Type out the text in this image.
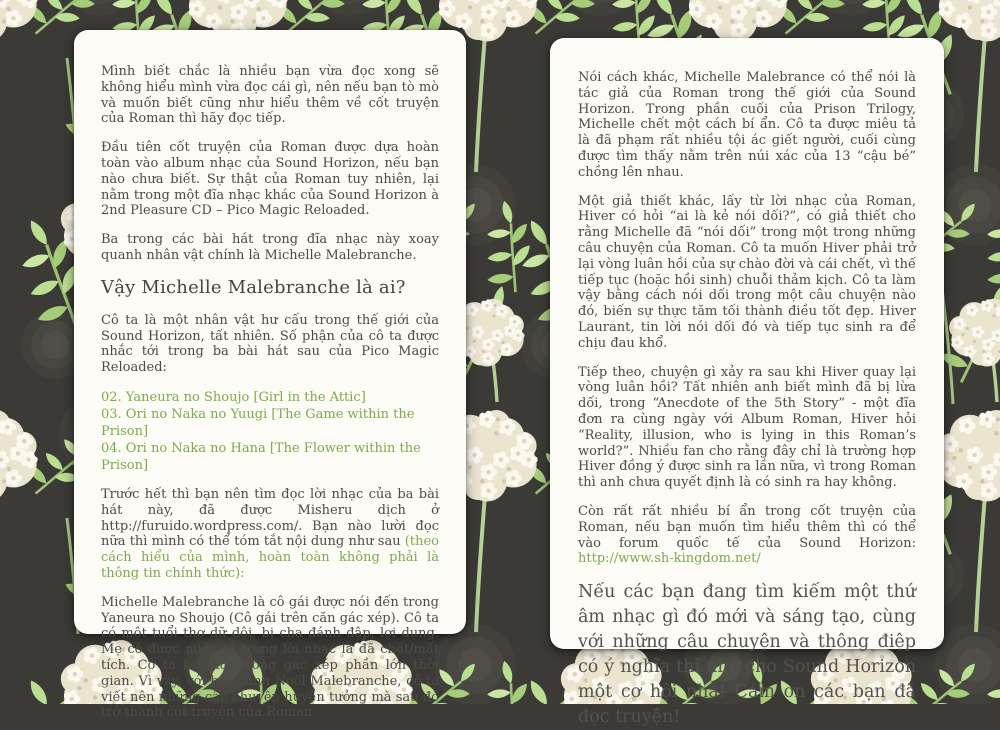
Mình biết chắc là nhiều bạn vừa đọc xong sẽ không hiểu mình vừa đọc cái gì, nên nếu bạn tò mò và muốn biết cũng như hiểu thêm về cốt truyện của Roman thì hãy đọc tiếp.

Đầu tiên cốt truyện của Roman được dựa hoàn toàn vào album nhạc của Sound Horizon, nếu bạn nào chưa biết. Sự thật của Roman tuy nhiên, lại nằm trong một đĩa nhạc khác của Sound Horizon à 2nd Pleasure CD – Pico Magic Reloaded.

Ba trong các bài hát trong đĩa nhạc này xoay quanh nhân vật chính là Michelle Malebranche.

Vậy Michelle Malebranche là ai?

Cô ta là một nhân vật hư cấu trong thế giới của Sound Horizon, tất nhiên. Số phận của cô ta được nhắc tới trong ba bài hát sau của Pico Magic Reloaded:

02. Yaneura no Shoujo [Girl in the Attic]
03. Ori no Naka no Yuugi [The Game within the Prison]
04. Ori no Naka no Hana [The Flower within the Prison]

Trước hết thì bạn nên tìm đọc lời nhạc của ba bài hát này, đã được Misheru dịch ở http://furuido.wordpress.com/. Bạn nào lười đọc nữa thì mình có thể tóm tắt nội dung như sau (theo cách hiểu của mình, hoàn toàn không phải là thông tin chính thức):

Michelle Malebranche là cô gái được nói đến trong Yaneura no Shoujo (Cô gái trên căn gác xép). Cô ta có một tuổi thơ dữ dội, bị cha đánh đập, lợi dụng. Mẹ cô được miêu tả trong lời nhạc là đã chết/mất tích. Cô ta bị nhốt trong gác xép phần lớn thời gian. Vì vậy, với bút danh Noël Malebranche, cô ta viết nên những câu chuyện huyễn tưởng mà sau đó trở thành cốt truyện của Roman.

Nói cách khác, Michelle Malebrance có thể nói là tác giả của Roman trong thế giới của Sound Horizon. Trong phần cuối của Prison Trilogy, Michelle chết một cách bí ẩn. Cô ta được miêu tả là đã phạm rất nhiều tội ác giết người, cuối cùng được tìm thấy nằm trên núi xác của 13 “cậu bé” chồng lên nhau.

Một giả thiết khác, lấy từ lời nhạc của Roman, Hiver có hỏi “ai là kẻ nói dối?”, có giả thiết cho rằng Michelle đã “nói dối” trong một trong những câu chuyện của Roman. Cô ta muốn Hiver phải trở lại vòng luân hồi của sự chào đời và cái chết, vì thế tiếp tục (hoặc hồi sinh) chuỗi thảm kịch. Cô ta làm vậy bằng cách nói dối trong một câu chuyện nào đó, biến sự thực tăm tối thành điều tốt đẹp. Hiver Laurant, tin lời nói dối đó và tiếp tục sinh ra để chịu đau khổ.

Tiếp theo, chuyện gì xảy ra sau khi Hiver quay lại vòng luân hồi? Tất nhiên anh biết mình đã bị lừa dối, trong “Anecdote of the 5th Story” - một đĩa đơn ra cùng ngày với Album Roman, Hiver hỏi “Reality, illusion, who is lying in this Roman’s world?”. Nhiều fan cho rằng đây chỉ là trường hợp Hiver đồng ý được sinh ra lần nữa, vì trong Roman thì anh chưa quyết định là có sinh ra hay không.

Còn rất rất nhiều bí ẩn trong cốt truyện của Roman, nếu bạn muốn tìm hiểu thêm thì có thể vào forum quốc tế của Sound Horizon: http://www.sh-kingdom.net/

Nếu các bạn đang tìm kiếm một thứ âm nhạc gì đó mới và sáng tạo, cùng với những câu chuyện và thông điệp có ý nghĩa thì nhớ cho Sound Horizon một cơ hội nha! Cám ơn các bạn đã đọc truyện!
